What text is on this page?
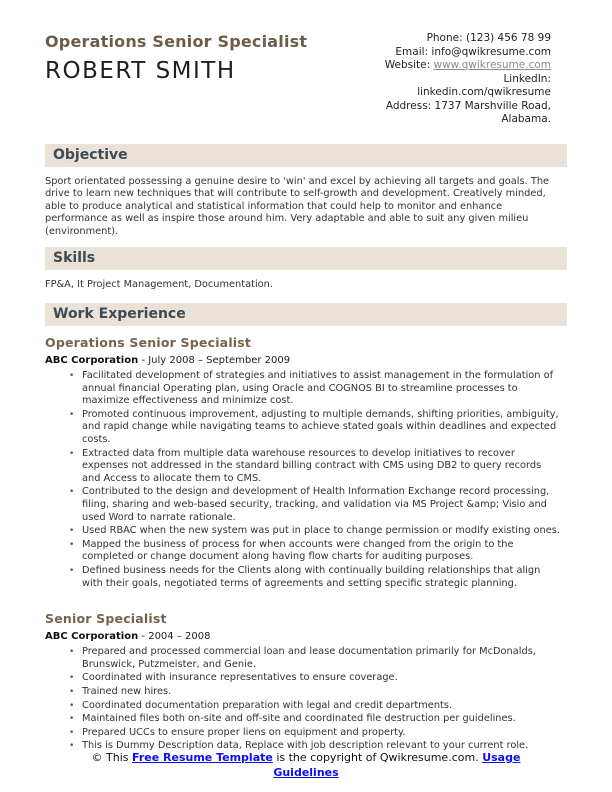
Operations Senior Specialist
ROBERT SMITH
Phone: (123) 456 78 99
Email: info@qwikresume.com
Website: www.qwikresume.com
LinkedIn:
linkedin.com/qwikresume
Address: 1737 Marshville Road,
Alabama.
Objective

Sport orientated possessing a genuine desire to 'win' and excel by achieving all targets and goals. The drive to learn new techniques that will contribute to self-growth and development. Creatively minded, able to produce analytical and statistical information that could help to monitor and enhance performance as well as inspire those around him. Very adaptable and able to suit any given milieu (environment).

Skills

FP&A, It Project Management, Documentation.

Work Experience
Operations Senior Specialist
ABC Corporation - July 2008 – September 2009
• Facilitated development of strategies and initiatives to assist management in the formulation of annual financial Operating plan, using Oracle and COGNOS BI to streamline processes to maximize effectiveness and minimize cost.
• Promoted continuous improvement, adjusting to multiple demands, shifting priorities, ambiguity, and rapid change while navigating teams to achieve stated goals within deadlines and expected costs.
• Extracted data from multiple data warehouse resources to develop initiatives to recover expenses not addressed in the standard billing contract with CMS using DB2 to query records and Access to allocate them to CMS.
• Contributed to the design and development of Health Information Exchange record processing, filing, sharing and web-based security, tracking, and validation via MS Project &amp; Visio and used Word to narrate rationale.
• Used RBAC when the new system was put in place to change permission or modify existing ones.
• Mapped the business of process for when accounts were changed from the origin to the completed or change document along having flow charts for auditing purposes.
• Defined business needs for the Clients along with continually building relationships that align with their goals, negotiated terms of agreements and setting specific strategic planning.
Senior Specialist
ABC Corporation - 2004 – 2008
• Prepared and processed commercial loan and lease documentation primarily for McDonalds, Brunswick, Putzmeister, and Genie.
• Coordinated with insurance representatives to ensure coverage.
• Trained new hires.
• Coordinated documentation preparation with legal and credit departments.
• Maintained files both on-site and off-site and coordinated file destruction per guidelines.
• Prepared UCCs to ensure proper liens on equipment and property.
• This is Dummy Description data, Replace with job description relevant to your current role.
© This Free Resume Template is the copyright of Qwikresume.com. Usage Guidelines
